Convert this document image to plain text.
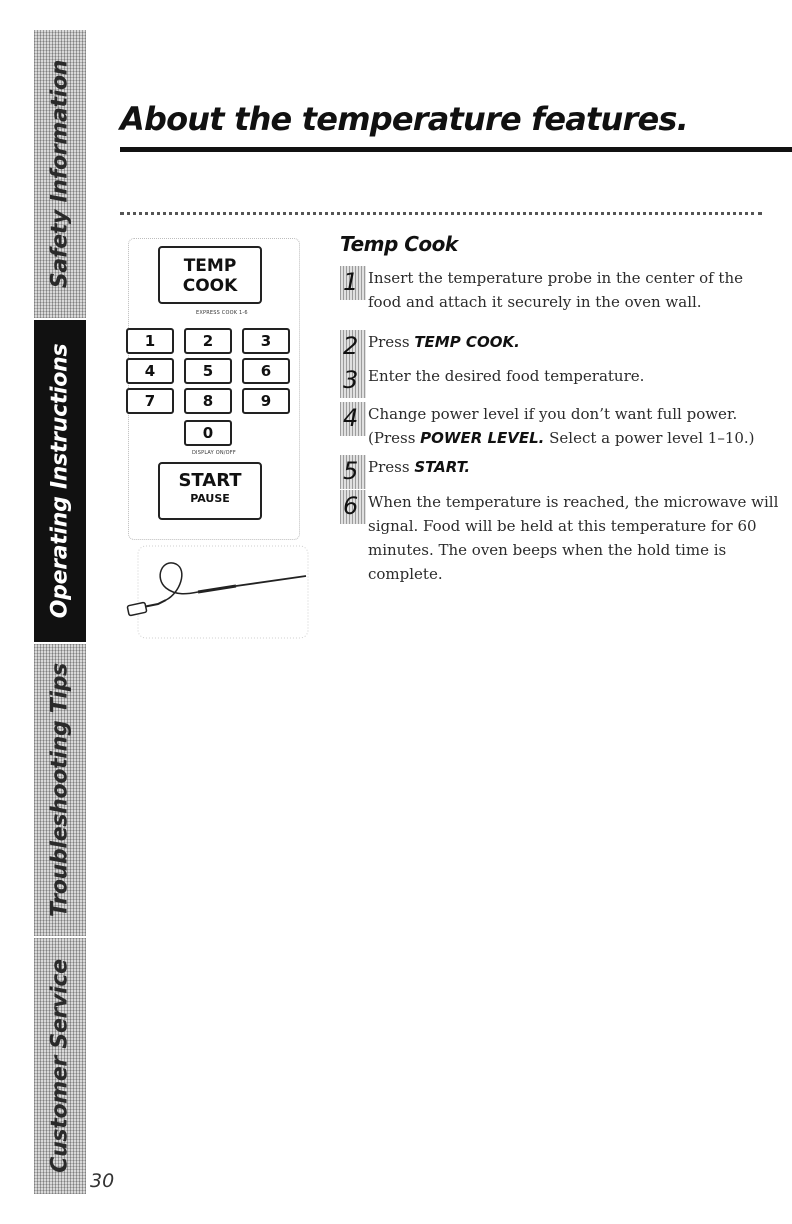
Safety Information
Operating Instructions
Troubleshooting Tips
Customer Service
30
About the temperature features.
TEMP
COOK
EXPRESS COOK 1-6
1	2	3
4	5	6
7	8	9
0
DISPLAY ON/OFF
START
PAUSE
Temp Cook
1 Insert the temperature probe in the center of the food and attach it securely in the oven wall.
2 Press TEMP COOK.
3 Enter the desired food temperature.
4 Change power level if you don’t want full power.
(Press POWER LEVEL. Select a power level 1–10.)
5 Press START.
6 When the temperature is reached, the microwave will signal. Food will be held at this temperature for 60 minutes. The oven beeps when the hold time is complete.
